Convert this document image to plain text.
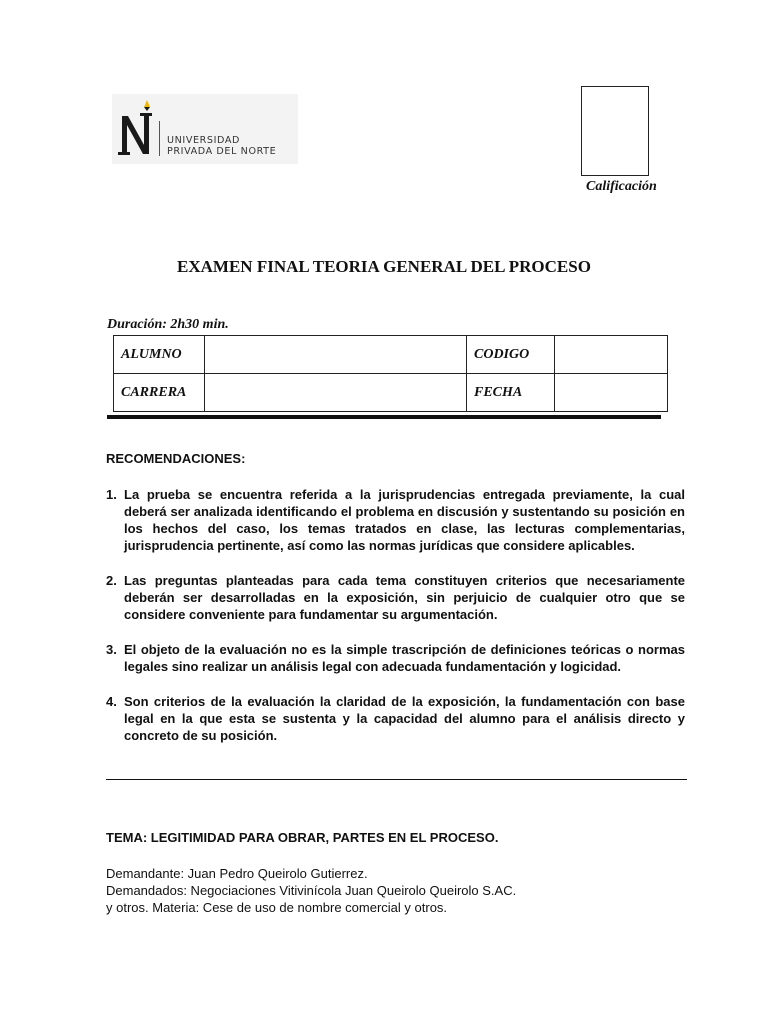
UNIVERSIDAD
PRIVADA DEL NORTE
Calificación
EXAMEN FINAL TEORIA GENERAL DEL PROCESO
Duración: 2h30 min.
ALUMNO		CODIGO	
CARRERA		FECHA	
RECOMENDACIONES:
1. La prueba se encuentra referida a la jurisprudencias entregada previamente, la cual deberá ser analizada identificando el problema en discusión y sustentando su posición en los hechos del caso, los temas tratados en clase, las lecturas complementarias, jurisprudencia pertinente, así como las normas jurídicas que considere aplicables.
2. Las preguntas planteadas para cada tema constituyen criterios que necesariamente deberán ser desarrolladas en la exposición, sin perjuicio de cualquier otro que se considere conveniente para fundamentar su argumentación.
3. El objeto de la evaluación no es la simple trascripción de definiciones teóricas o normas legales sino realizar un análisis legal con adecuada fundamentación y logicidad.
4. Son criterios de la evaluación la claridad de la exposición, la fundamentación con base legal en la que esta se sustenta y la capacidad del alumno para el análisis directo y concreto de su posición.
TEMA: LEGITIMIDAD PARA OBRAR, PARTES EN EL PROCESO.
Demandante: Juan Pedro Queirolo Gutierrez.
Demandados: Negociaciones Vitivinícola Juan Queirolo Queirolo S.AC.
y otros. Materia: Cese de uso de nombre comercial y otros.
